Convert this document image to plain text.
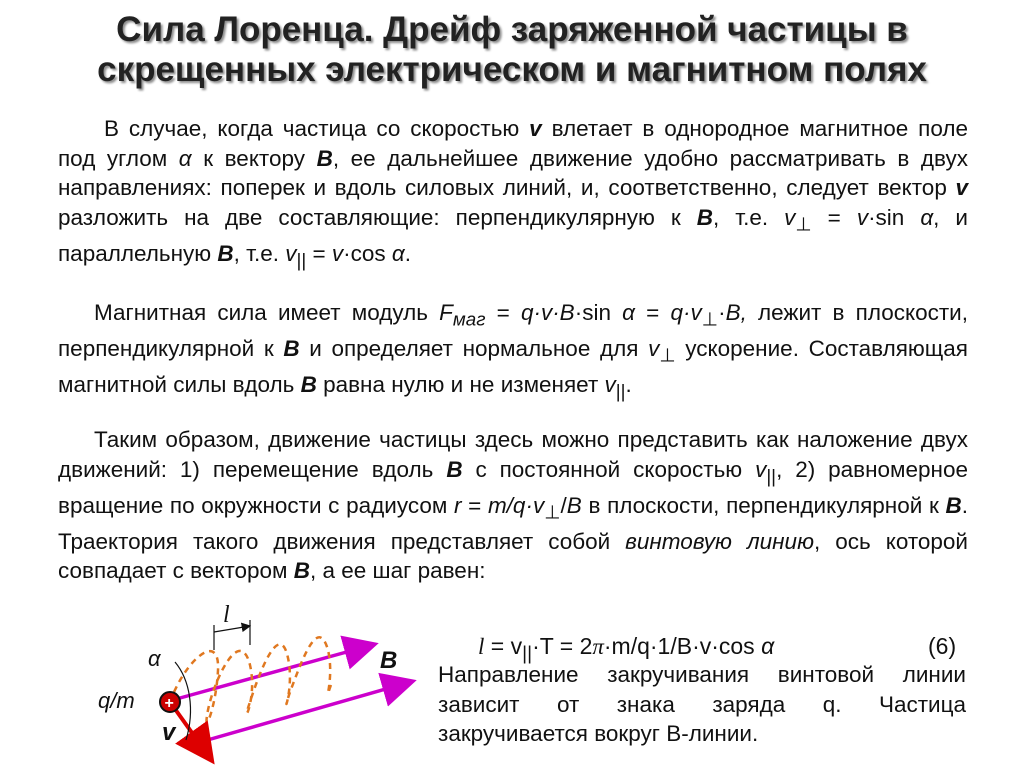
Сила Лоренца. Дрейф заряженной частицы в
скрещенных электрическом и магнитном полях
В случае, когда частица со скоростью v влетает в однородное магнитное поле под углом α к вектору B, ее дальнейшее движение удобно рассматривать в двух направлениях: поперек и вдоль силовых линий, и, соответственно, следует вектор v разложить на две составляющие: перпендикулярную к B, т.е. $v_\perp = v\cdot\sin$ α, и параллельную B, т.е. $v_{||} = v\cdot\cos$ α.
Магнитная сила имеет модуль $F_{маг} = q\cdot v\cdot B\cdot\sin$ $\alpha = q\cdot v_\perp\cdot B$, лежит в плоскости, перпендикулярной к B и определяет нормальное для $v_\perp$ ускорение. Составляющая магнитной силы вдоль B равна нулю и не изменяет $v_{||}$.
Таким образом, движение частицы здесь можно представить как наложение двух движений: 1) перемещение вдоль B с постоянной скоростью $v_{||}$, 2) равномерное вращение по окружности с радиусом $r = m/q\cdot v_\perp/B$ в плоскости, перпендикулярной к B. Траектория такого движения представляет собой винтовую линию, ось которой совпадает с вектором B, а ее шаг равен:
$l = v_{||}\cdot T = 2\pi\cdot m/q\cdot 1/B\cdot v\cdot\cos$ α	(6)
Направление закручивания винтовой линии зависит от знака заряда q. Частица закручивается вокруг B-линии.
l
+
α
q/m
v
B
